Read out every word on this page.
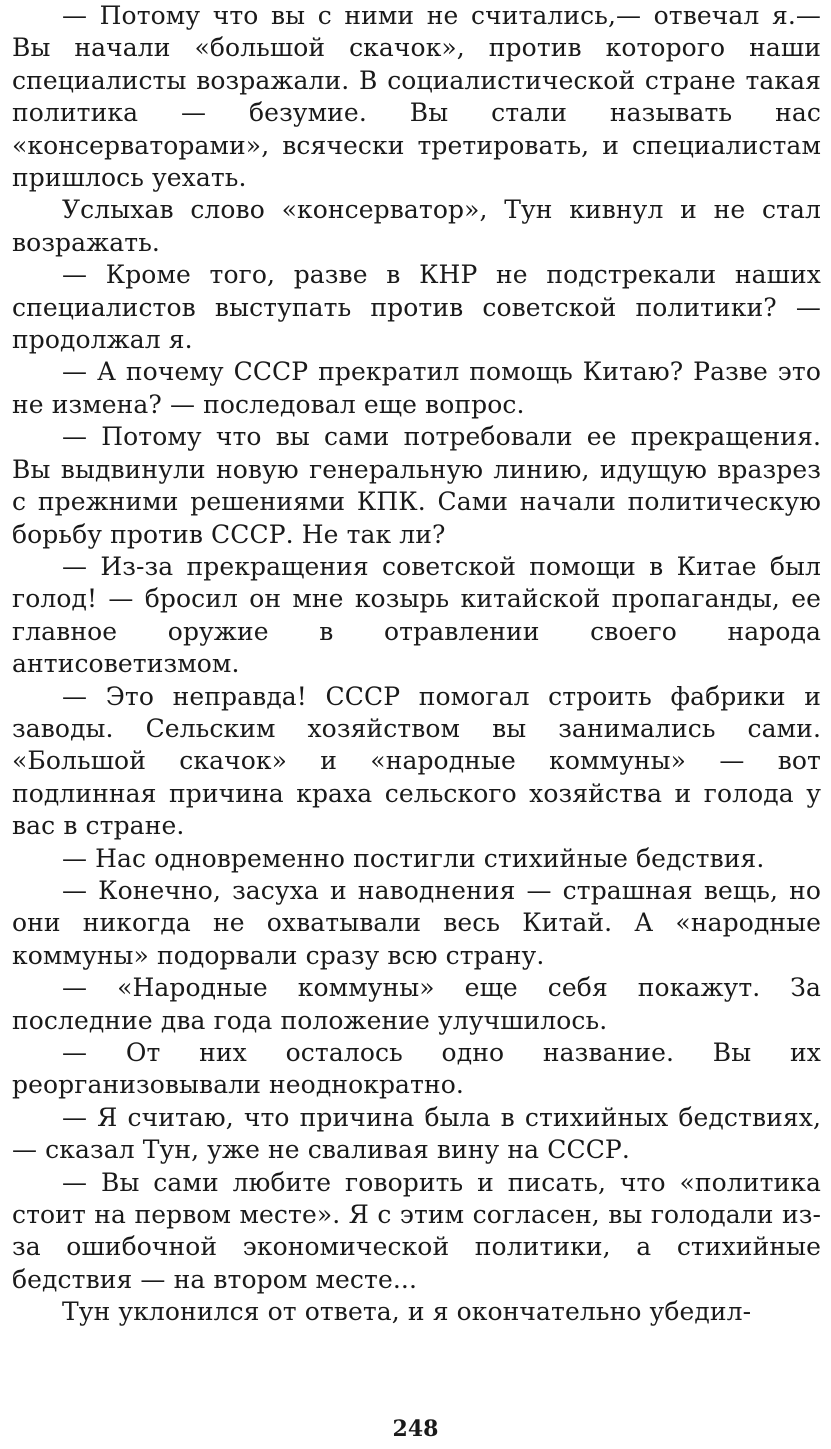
— Потому что вы с ними не считались,— отвечал я.— Вы начали «большой скачок», против которого наши специалисты возражали. В социалистической стране такая политика — безумие. Вы стали называть нас «консерваторами», всячески третировать, и специалистам пришлось уехать.

Услыхав слово «консерватор», Тун кивнул и не стал возражать.

— Кроме того, разве в КНР не подстрекали наших специалистов выступать против советской политики? — продолжал я.

— А почему СССР прекратил помощь Китаю? Разве это не измена? — последовал еще вопрос.

— Потому что вы сами потребовали ее прекращения. Вы выдвинули новую генеральную линию, идущую вразрез с прежними решениями КПК. Сами начали политическую борьбу против СССР. Не так ли?

— Из-за прекращения советской помощи в Китае был голод! — бросил он мне козырь китайской пропаганды, ее главное оружие в отравлении своего народа антисоветизмом.

— Это неправда! СССР помогал строить фабрики и заводы. Сельским хозяйством вы занимались сами. «Большой скачок» и «народные коммуны» — вот подлинная причина краха сельского хозяйства и голода у вас в стране.

— Нас одновременно постигли стихийные бедствия.

— Конечно, засуха и наводнения — страшная вещь, но они никогда не охватывали весь Китай. А «народные коммуны» подорвали сразу всю страну.

— «Народные коммуны» еще себя покажут. За последние два года положение улучшилось.

— От них осталось одно название. Вы их реорганизовывали неоднократно.

— Я считаю, что причина была в стихийных бедствиях,— сказал Тун, уже не сваливая вину на СССР.

— Вы сами любите говорить и писать, что «политика стоит на первом месте». Я с этим согласен, вы голодали из-за ошибочной экономической политики, а стихийные бедствия — на втором месте...

Тун уклонился от ответа, и я окончательно убедил-

248
